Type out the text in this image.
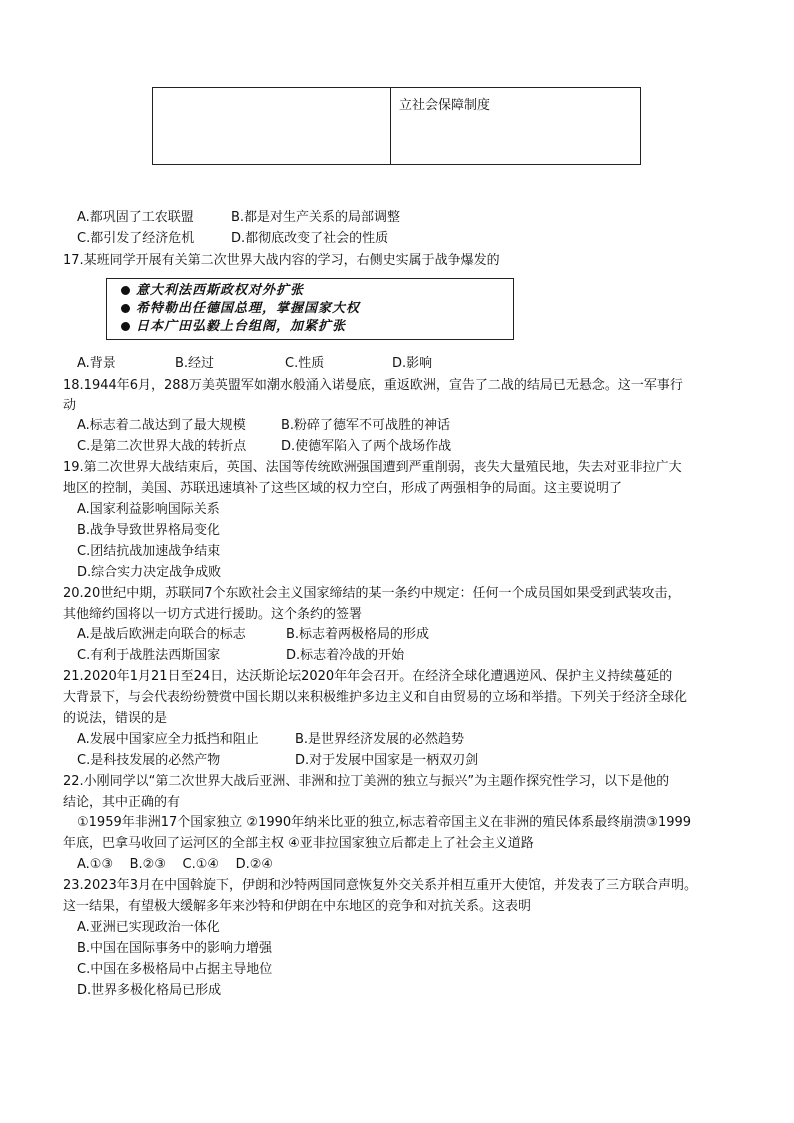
立社会保障制度
A.都巩固了工农联盟	B.都是对生产关系的局部调整
C.都引发了经济危机	D.都彻底改变了社会的性质
17.某班同学开展有关第二次世界大战内容的学习，右侧史实属于战争爆发的
意大利法西斯政权对外扩张
希特勒出任德国总理，掌握国家大权
日本广田弘毅上台组阁，加紧扩张
A.背景	B.经过	C.性质	D.影响
18.1944年6月，288万美英盟军如潮水般涌入诺曼底，重返欧洲，宣告了二战的结局已无悬念。这一军事行
动
A.标志着二战达到了最大规模	B.粉碎了德军不可战胜的神话
C.是第二次世界大战的转折点	D.使德军陷入了两个战场作战
19.第二次世界大战结束后，英国、法国等传统欧洲强国遭到严重削弱，丧失大量殖民地，失去对亚非拉广大
地区的控制，美国、苏联迅速填补了这些区域的权力空白，形成了两强相争的局面。这主要说明了
A.国家利益影响国际关系
B.战争导致世界格局变化
C.团结抗战加速战争结束
D.综合实力决定战争成败
20.20世纪中期，苏联同7个东欧社会主义国家缔结的某一条约中规定：任何一个成员国如果受到武装攻击，
其他缔约国将以一切方式进行援助。这个条约的签署
A.是战后欧洲走向联合的标志	B.标志着两极格局的形成
C.有利于战胜法西斯国家	D.标志着冷战的开始
21.2020年1月21日至24日，达沃斯论坛2020年年会召开。在经济全球化遭遇逆风、保护主义持续蔓延的
大背景下，与会代表纷纷赞赏中国长期以来积极维护多边主义和自由贸易的立场和举措。下列关于经济全球化
的说法，错误的是
A.发展中国家应全力抵挡和阻止	B.是世界经济发展的必然趋势
C.是科技发展的必然产物	D.对于发展中国家是一柄双刃剑
22.小刚同学以“第二次世界大战后亚洲、非洲和拉丁美洲的独立与振兴”为主题作探究性学习，以下是他的
结论，其中正确的有
①1959年非洲17个国家独立 ②1990年纳米比亚的独立,标志着帝国主义在非洲的殖民体系最终崩溃③1999
年底，巴拿马收回了运河区的全部主权 ④亚非拉国家独立后都走上了社会主义道路
A.①③    B.②③    C.①④    D.②④
23.2023年3月在中国斡旋下，伊朗和沙特两国同意恢复外交关系并相互重开大使馆，并发表了三方联合声明。
这一结果，有望极大缓解多年来沙特和伊朗在中东地区的竞争和对抗关系。这表明
A.亚洲已实现政治一体化
B.中国在国际事务中的影响力增强
C.中国在多极格局中占据主导地位
D.世界多极化格局已形成
